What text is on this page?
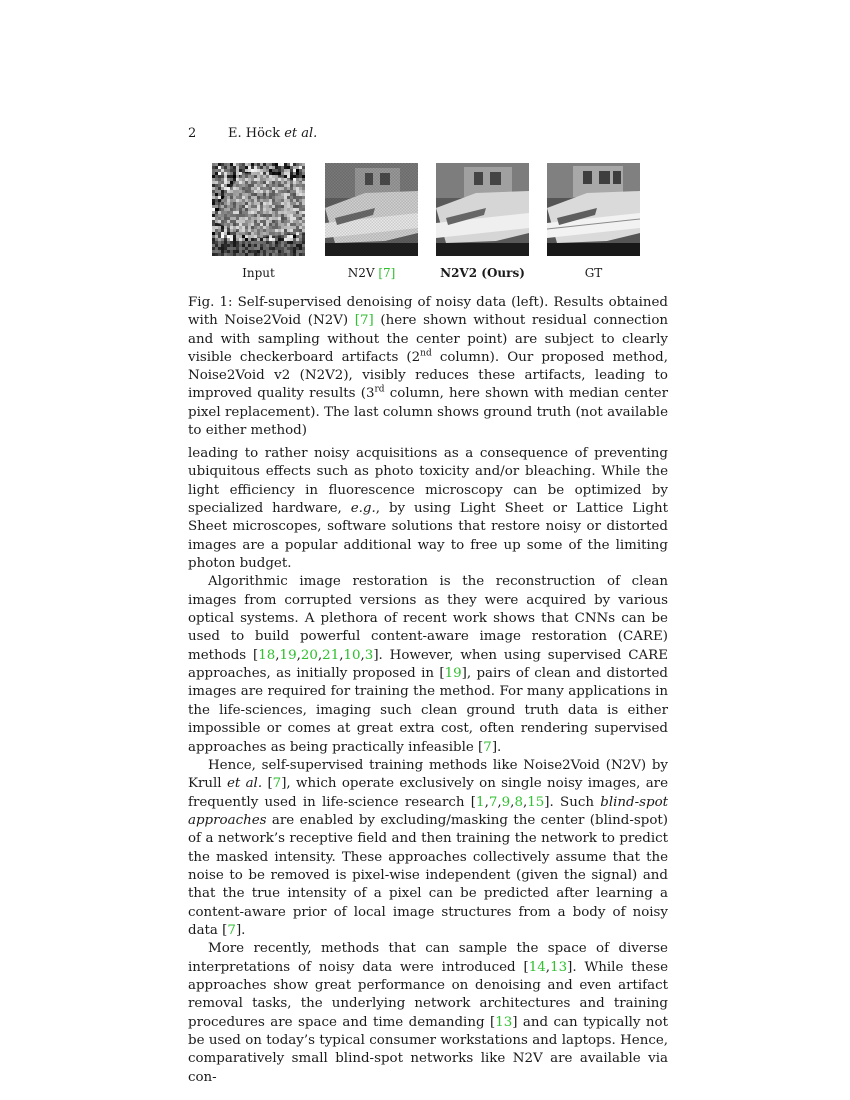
2 E. Höck et al.
Input	N2V [7]	N2V2 (Ours)	GT
Fig. 1: Self-supervised denoising of noisy data (left). Results obtained with Noise2Void (N2V) [7] (here shown without residual connection and with sampling without the center point) are subject to clearly visible checkerboard artifacts (2nd column). Our proposed method, Noise2Void v2 (N2V2), visibly reduces these artifacts, leading to improved quality results (3rd column, here shown with median center pixel replacement). The last column shows ground truth (not available to either method)

leading to rather noisy acquisitions as a consequence of preventing ubiquitous effects such as photo toxicity and/or bleaching. While the light efficiency in fluorescence microscopy can be optimized by specialized hardware, e.g., by using Light Sheet or Lattice Light Sheet microscopes, software solutions that restore noisy or distorted images are a popular additional way to free up some of the limiting photon budget.

Algorithmic image restoration is the reconstruction of clean images from corrupted versions as they were acquired by various optical systems. A plethora of recent work shows that CNNs can be used to build powerful content-aware image restoration (CARE) methods [18,19,20,21,10,3]. However, when using supervised CARE approaches, as initially proposed in [19], pairs of clean and distorted images are required for training the method. For many applications in the life-sciences, imaging such clean ground truth data is either impossible or comes at great extra cost, often rendering supervised approaches as being practically infeasible [7].

Hence, self-supervised training methods like Noise2Void (N2V) by Krull et al. [7], which operate exclusively on single noisy images, are frequently used in life-science research [1,7,9,8,15]. Such blind-spot approaches are enabled by excluding/masking the center (blind-spot) of a network’s receptive field and then training the network to predict the masked intensity. These approaches collectively assume that the noise to be removed is pixel-wise independent (given the signal) and that the true intensity of a pixel can be predicted after learning a content-aware prior of local image structures from a body of noisy data [7].

More recently, methods that can sample the space of diverse interpretations of noisy data were introduced [14,13]. While these approaches show great performance on denoising and even artifact removal tasks, the underlying network architectures and training procedures are space and time demanding [13] and can typically not be used on today’s typical consumer workstations and laptops. Hence, comparatively small blind-spot networks like N2V are available via con-
